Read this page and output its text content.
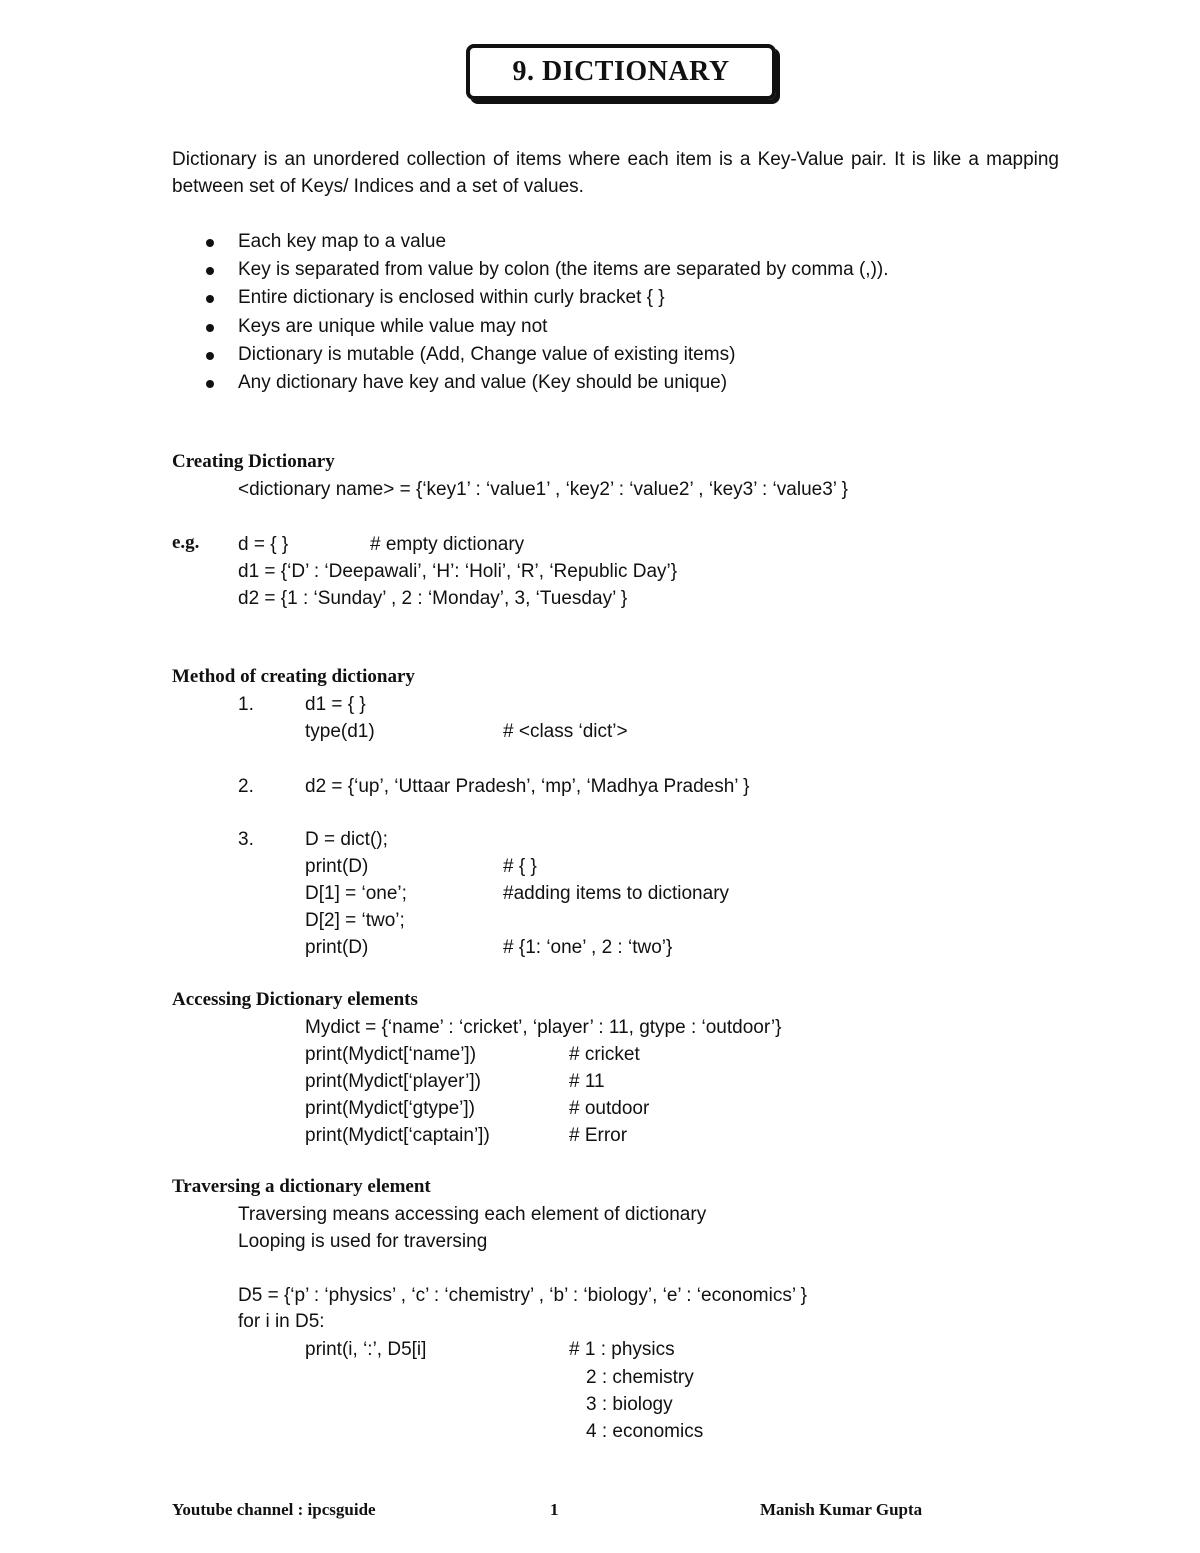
9. DICTIONARY
Dictionary is an unordered collection of items where each item is a Key-Value pair. It is like a mapping between set of Keys/ Indices and a set of values.
Each key map to a value
Key is separated from value by colon (the items are separated by comma (,)).
Entire dictionary is enclosed within curly bracket { }
Keys are unique while value may not
Dictionary is mutable (Add, Change value of existing items)
Any dictionary have key and value (Key should be unique)
Creating Dictionary
<dictionary name> = {‘key1’ : ‘value1’ , ‘key2’ : ‘value2’ , ‘key3’ : ‘value3’ }
e.g. d = { }	# empty dictionary
d1 = {‘D’ : ‘Deepawali’, ‘H’: ‘Holi’, ‘R’, ‘Republic Day’}
d2 = {1 : ‘Sunday’ , 2 : ‘Monday’, 3, ‘Tuesday’ }
Method of creating dictionary
1.	d1 = { }
type(d1)	# <class ‘dict’>
2.	d2 = {‘up’, ‘Uttaar Pradesh’, ‘mp’, ‘Madhya Pradesh’ }
3.	D = dict();
print(D)	# { }
D[1] = ‘one’;	#adding items to dictionary
D[2] = ‘two’;
print(D)	# {1: ‘one’ , 2 : ‘two’}
Accessing Dictionary elements
Mydict = {‘name’ : ‘cricket’, ‘player’ : 11, gtype : ‘outdoor’}
print(Mydict[‘name’])	# cricket
print(Mydict[‘player’])	# 11
print(Mydict[‘gtype’])	# outdoor
print(Mydict[‘captain’])	# Error
Traversing a dictionary element
Traversing means accessing each element of dictionary
Looping is used for traversing
D5 = {‘p’ : ‘physics’ , ‘c’ : ‘chemistry’ , ‘b’ : ‘biology’, ‘e’ : ‘economics’ }
for i in D5:
print(i, ‘:’, D5[i]	# 1 : physics
2 : chemistry
3 : biology
4 : economics
Youtube channel : ipcsguide	1	Manish Kumar Gupta
